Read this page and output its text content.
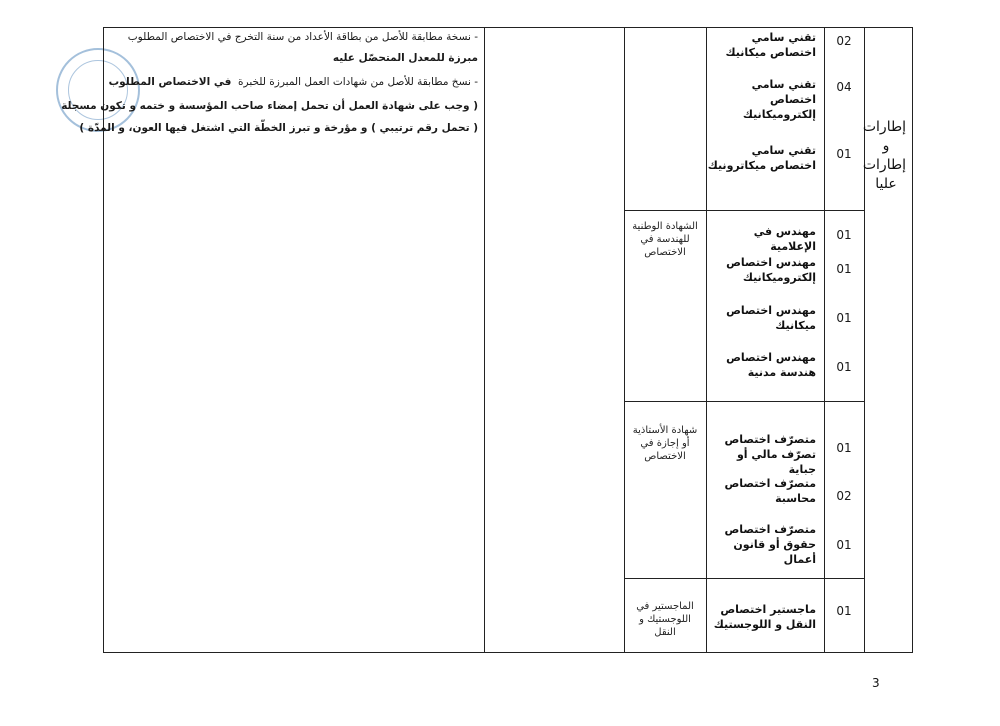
- نسخة مطابقة للأصل من بطاقة الأعداد من سنة التخرج في الاختصاص المطلوب
مبرزة للمعدل المتحصّل عليه
- نسخ مطابقة للأصل من شهادات العمل المبرزة للخبرة  في الاختصاص المطلوب
( وجب على شهادة العمل أن تحمل إمضاء صاحب المؤسسة و ختمه و تكون مسجلة
( تحمل رقم ترتيبي ) و مؤرخة و تبرز الخطّة التي اشتغل فيها العون، و المدّة )	إطارات
و
إطارات
عليا
02
تقني سامي اختصاص ميكانيك
04
تقني سامي اختصاص إلكتروميكانيك
01
تقني سامي اختصاص ميكاترونيك
الشهادة الوطنية للهندسة في الاختصاص
01
مهندس في الإعلامية
01
مهندس اختصاص إلكتروميكانيك
01
مهندس اختصاص ميكانيك
01
مهندس اختصاص هندسة مدنية
شهادة الأستاذية أو إجازة في الاختصاص
01
متصرّف اختصاص تصرّف مالي أو جباية
02
متصرّف اختصاص محاسبة
01
متصرّف اختصاص حقوق أو قانون أعمال
الماجستير في اللوجستيك و النقل
01
ماجستير اختصاص النقل و اللوجستيك
3
